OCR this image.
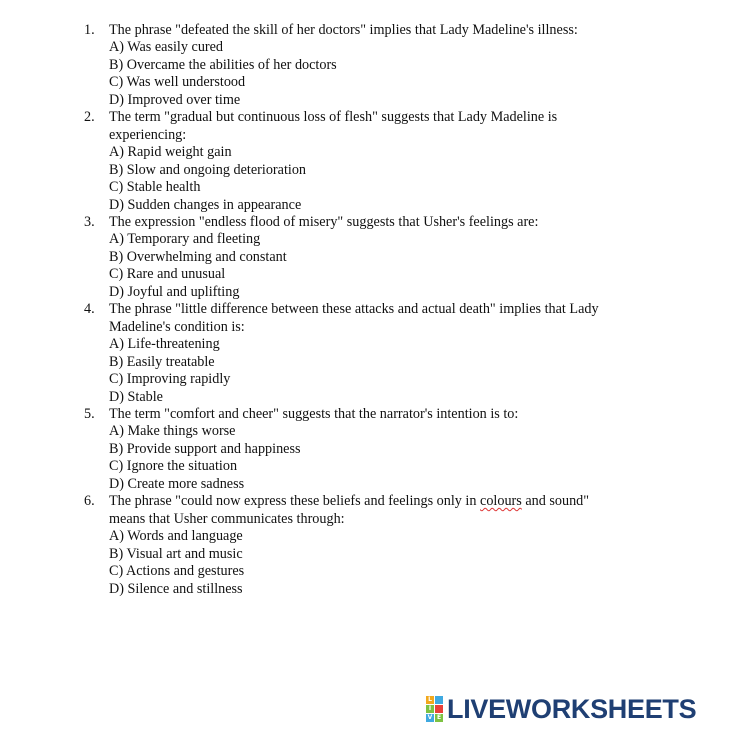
1.	The phrase "defeated the skill of her doctors" implies that Lady Madeline's illness:
A) Was easily cured
B) Overcame the abilities of her doctors
C) Was well understood
D) Improved over time
2.	The term "gradual but continuous loss of flesh" suggests that Lady Madeline is
experiencing:
A) Rapid weight gain
B) Slow and ongoing deterioration
C) Stable health
D) Sudden changes in appearance
3.	The expression "endless flood of misery" suggests that Usher's feelings are:
A) Temporary and fleeting
B) Overwhelming and constant
C) Rare and unusual
D) Joyful and uplifting
4.	The phrase "little difference between these attacks and actual death" implies that Lady
Madeline's condition is:
A) Life-threatening
B) Easily treatable
C) Improving rapidly
D) Stable
5.	The term "comfort and cheer" suggests that the narrator's intention is to:
A) Make things worse
B) Provide support and happiness
C) Ignore the situation
D) Create more sadness
6.	The phrase "could now express these beliefs and feelings only in colours and sound"
means that Usher communicates through:
A) Words and language
B) Visual art and music
C) Actions and gestures
D) Silence and stillness
L
I
V E LIVEWORKSHEETS
